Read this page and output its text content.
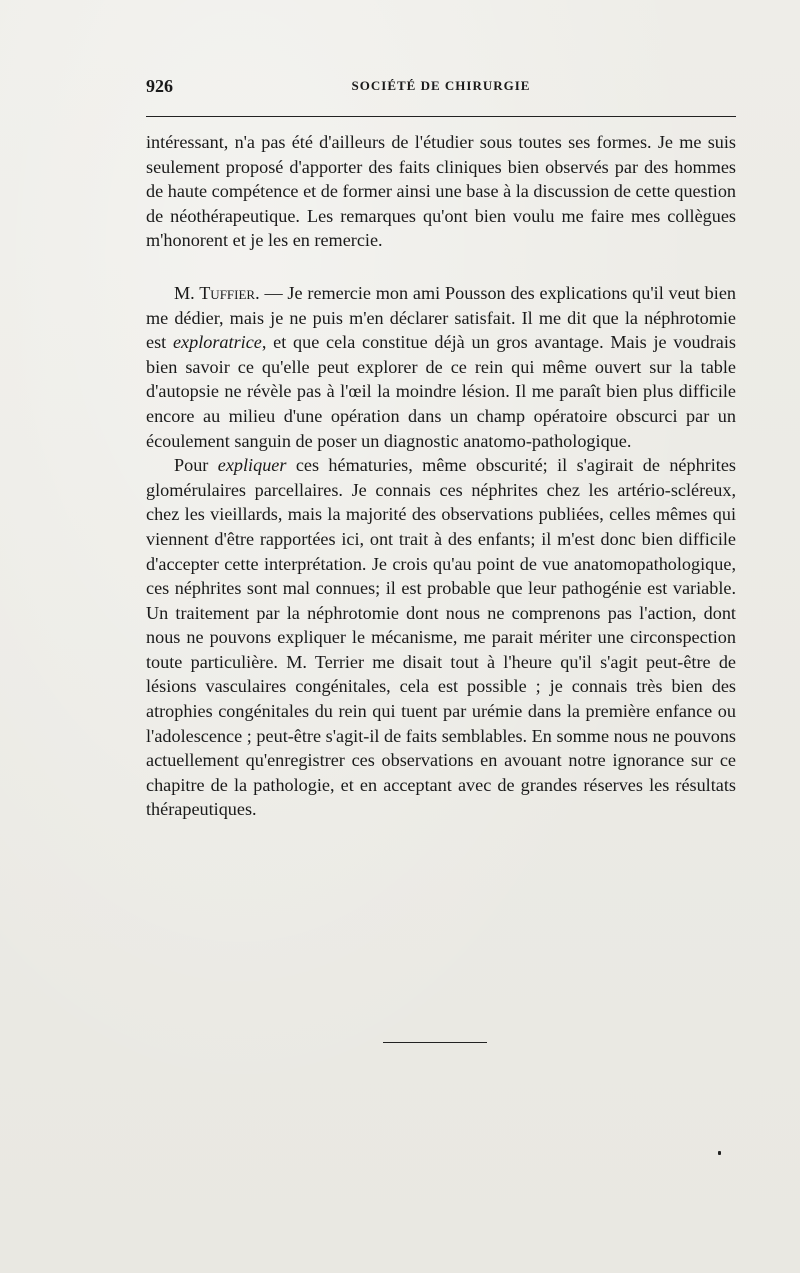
926	SOCIÉTÉ DE CHIRURGIE

intéressant, n'a pas été d'ailleurs de l'étudier sous toutes ses formes. Je me suis seulement proposé d'apporter des faits cliniques bien observés par des hommes de haute compétence et de former ainsi une base à la discussion de cette question de néothérapeutique. Les remarques qu'ont bien voulu me faire mes collègues m'honorent et je les en remercie.

M. Tuffier. — Je remercie mon ami Pousson des explications qu'il veut bien me dédier, mais je ne puis m'en déclarer satisfait. Il me dit que la néphrotomie est exploratrice, et que cela constitue déjà un gros avantage. Mais je voudrais bien savoir ce qu'elle peut explorer de ce rein qui même ouvert sur la table d'autopsie ne révèle pas à l'œil la moindre lésion. Il me paraît bien plus difficile encore au milieu d'une opération dans un champ opératoire obscurci par un écoulement sanguin de poser un diagnostic anatomo-pathologique.

Pour expliquer ces hématuries, même obscurité; il s'agirait de néphrites glomérulaires parcellaires. Je connais ces néphrites chez les artério-scléreux, chez les vieillards, mais la majorité des observations publiées, celles mêmes qui viennent d'être rapportées ici, ont trait à des enfants; il m'est donc bien difficile d'accepter cette interprétation. Je crois qu'au point de vue anatomopathologique, ces néphrites sont mal connues; il est probable que leur pathogénie est variable. Un traitement par la néphrotomie dont nous ne comprenons pas l'action, dont nous ne pouvons expliquer le mécanisme, me parait mériter une circonspection toute particulière. M. Terrier me disait tout à l'heure qu'il s'agit peut-être de lésions vasculaires congénitales, cela est possible ; je connais très bien des atrophies congénitales du rein qui tuent par urémie dans la première enfance ou l'adolescence ; peut-être s'agit-il de faits semblables. En somme nous ne pouvons actuellement qu'enregistrer ces observations en avouant notre ignorance sur ce chapitre de la pathologie, et en acceptant avec de grandes réserves les résultats thérapeutiques.
